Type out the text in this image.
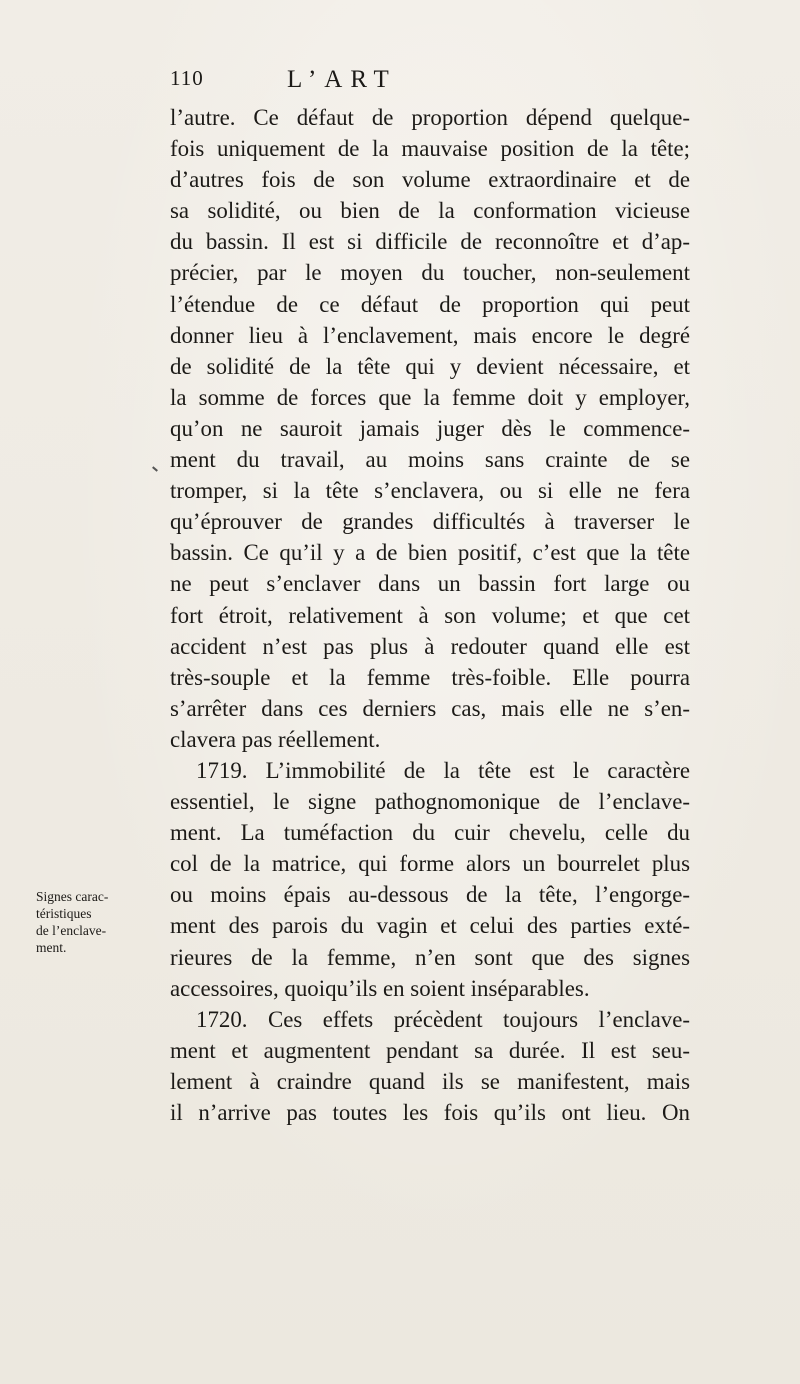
110	L’ART
Signes carac-
téristiques
de l’enclave-
ment.

l’autre. Ce défaut de proportion dépend quelque-
fois uniquement de la mauvaise position de la tête;
d’autres fois de son volume extraordinaire et de
sa solidité, ou bien de la conformation vicieuse
du bassin. Il est si difficile de reconnoître et d’ap-
précier, par le moyen du toucher, non-seulement
l’étendue de ce défaut de proportion qui peut
donner lieu à l’enclavement, mais encore le degré
de solidité de la tête qui y devient nécessaire, et
la somme de forces que la femme doit y employer,
qu’on ne sauroit jamais juger dès le commence-
ment du travail, au moins sans crainte de se
tromper, si la tête s’enclavera, ou si elle ne fera
qu’éprouver de grandes difficultés à traverser le
bassin. Ce qu’il y a de bien positif, c’est que la tête
ne peut s’enclaver dans un bassin fort large ou
fort étroit, relativement à son volume; et que cet
accident n’est pas plus à redouter quand elle est
très-souple et la femme très-foible. Elle pourra
s’arrêter dans ces derniers cas, mais elle ne s’en-
clavera pas réellement.

1719. L’immobilité de la tête est le caractère
essentiel, le signe pathognomonique de l’enclave-
ment. La tuméfaction du cuir chevelu, celle du
col de la matrice, qui forme alors un bourrelet plus
ou moins épais au-dessous de la tête, l’engorge-
ment des parois du vagin et celui des parties exté-
rieures de la femme, n’en sont que des signes
accessoires, quoiqu’ils en soient inséparables.

1720. Ces effets précèdent toujours l’enclave-
ment et augmentent pendant sa durée. Il est seu-
lement à craindre quand ils se manifestent, mais
il n’arrive pas toutes les fois qu’ils ont lieu. On
